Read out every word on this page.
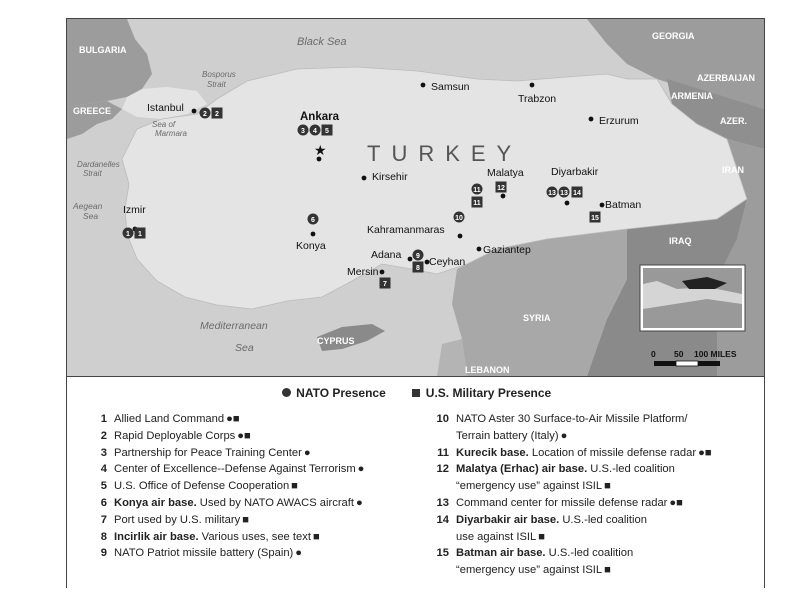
BULGARIA
GREECE
GEORGIA
AZERBAIJAN
ARMENIA
AZER.
IRAN
IRAQ
SYRIA
CYPRUS
LEBANON
TURKEY
Black Sea
Mediterranean
Sea
Aegean
Sea
Sea of
Marmara
Bosporus
Strait
Dardanelles
Strait
Istanbul
Ankara
Samsun
Trabzon
Erzurum
Izmir
Kirsehir
Konya
Malatya	Diyarbakir
Batman
Kahramanmaras
Adana
Ceyhan
Gaziantep
Mersin
★
2 2
3 4 5
1 1
6	10
11
11
12
13 13 14
15
9
8
7
0 50 100 MILES
NATO Presence	U.S. Military Presence
1 Allied Land Command●■
2 Rapid Deployable Corps●■
3 Partnership for Peace Training Center●
4 Center of Excellence--Defense Against Terrorism●
5 U.S. Office of Defense Cooperation■
6 Konya air base. Used by NATO AWACS aircraft●
7 Port used by U.S. military■
8 Incirlik air base. Various uses, see text■
9 NATO Patriot missile battery (Spain)●
10 NATO Aster 30 Surface-to-Air Missile Platform/
Terrain battery (Italy)●
11 Kurecik base. Location of missile defense radar●■
12 Malatya (Erhac) air base. U.S.-led coalition
“emergency use” against ISIL■
13 Command center for missile defense radar●■
14 Diyarbakir air base. U.S.-led coalition
use against ISIL■
15 Batman air base. U.S.-led coalition
“emergency use” against ISIL■
